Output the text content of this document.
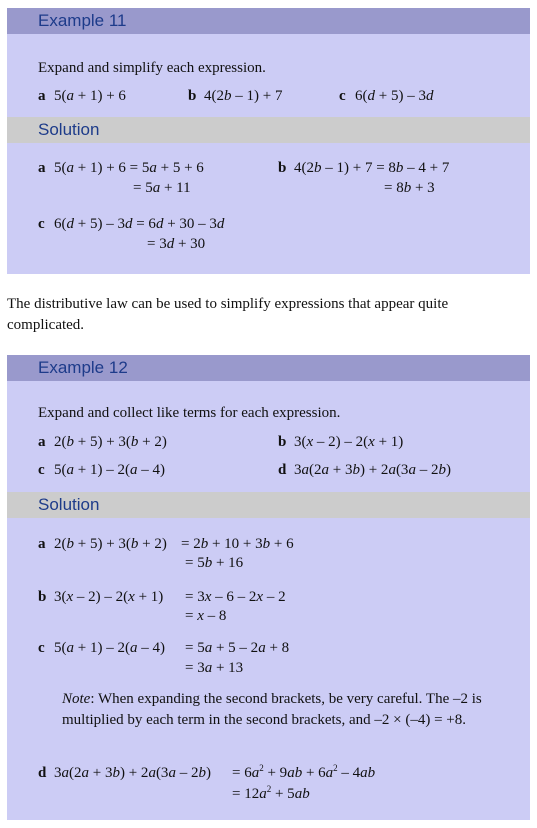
Example 11
Expand and simplify each expression.
a 5(a + 1) + 6	b 4(2b – 1) + 7	c 6(d + 5) – 3d
Solution
a 5(a + 1) + 6 = 5a + 5 + 6
= 5a + 11
b 4(2b – 1) + 7 = 8b – 4 + 7
= 8b + 3
c 6(d + 5) – 3d = 6d + 30 – 3d
= 3d + 30
The distributive law can be used to simplify expressions that appear quite complicated.
Example 12
Expand and collect like terms for each expression.
a 2(b + 5) + 3(b + 2)	b 3(x – 2) – 2(x + 1)
c 5(a + 1) – 2(a – 4)	d 3a(2a + 3b) + 2a(3a – 2b)
Solution
a 2(b + 5) + 3(b + 2) = 2b + 10 + 3b + 6
= 5b + 16
b 3(x – 2) – 2(x + 1) = 3x – 6 – 2x – 2
= x – 8
c 5(a + 1) – 2(a – 4) = 5a + 5 – 2a + 8
= 3a + 13
Note: When expanding the second brackets, be very careful. The –2 is multiplied by each term in the second brackets, and –2 × (–4) = +8.
d $3a(2a + 3b) + 2a(3a - 2b) = 6a^2 + 9ab + 6a^2 - 4ab$
= $12a^2 + 5ab$
